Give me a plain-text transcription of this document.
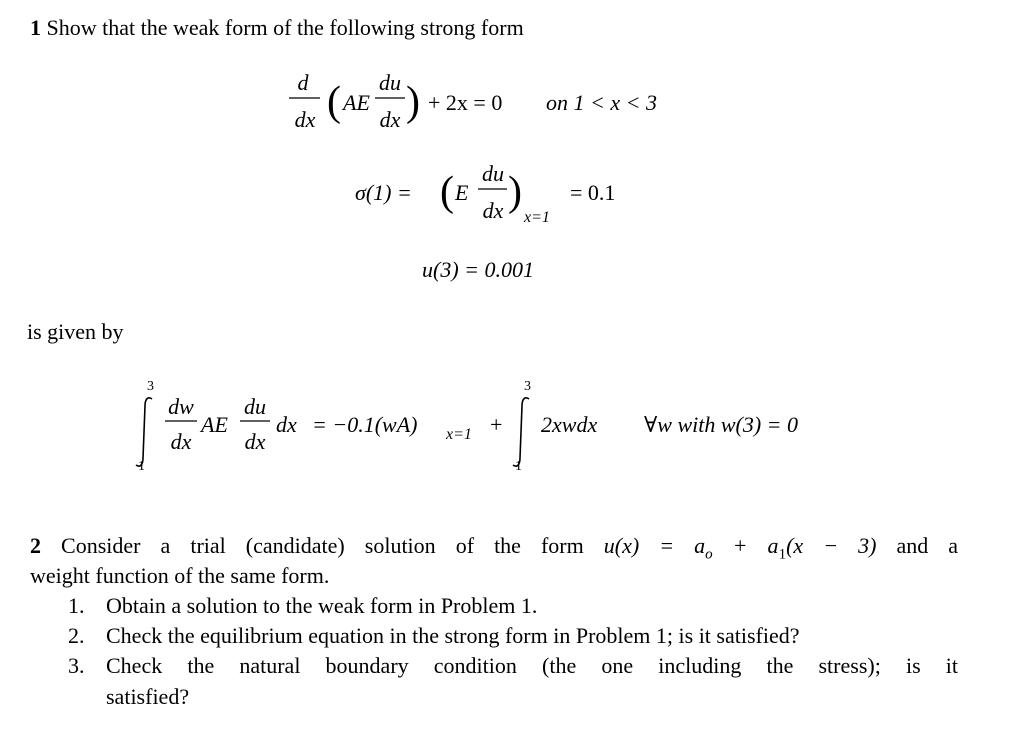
1 Show that the weak form of the following strong form
d
dx ( AE
du
dx ) + 2x = 0 on 1 < x < 3
σ(1) = ( E
du
dx )
x=1
= 0.1
u(3) = 0.001
3
1
dw
dx
AE
du
dx
dx = −0.1(wA) x=1 +
3
1
2xwdx ∀w with w(3) = 0
is given by
2 Consider a trial (candidate) solution of the form $u(x) = a_o + a_1(x - 3)$ and a
weight function of the same form.
1. Obtain a solution to the weak form in Problem 1.
2. Check the equilibrium equation in the strong form in Problem 1; is it satisfied?
3. Check the natural boundary condition (the one including the stress); is it
satisfied?
